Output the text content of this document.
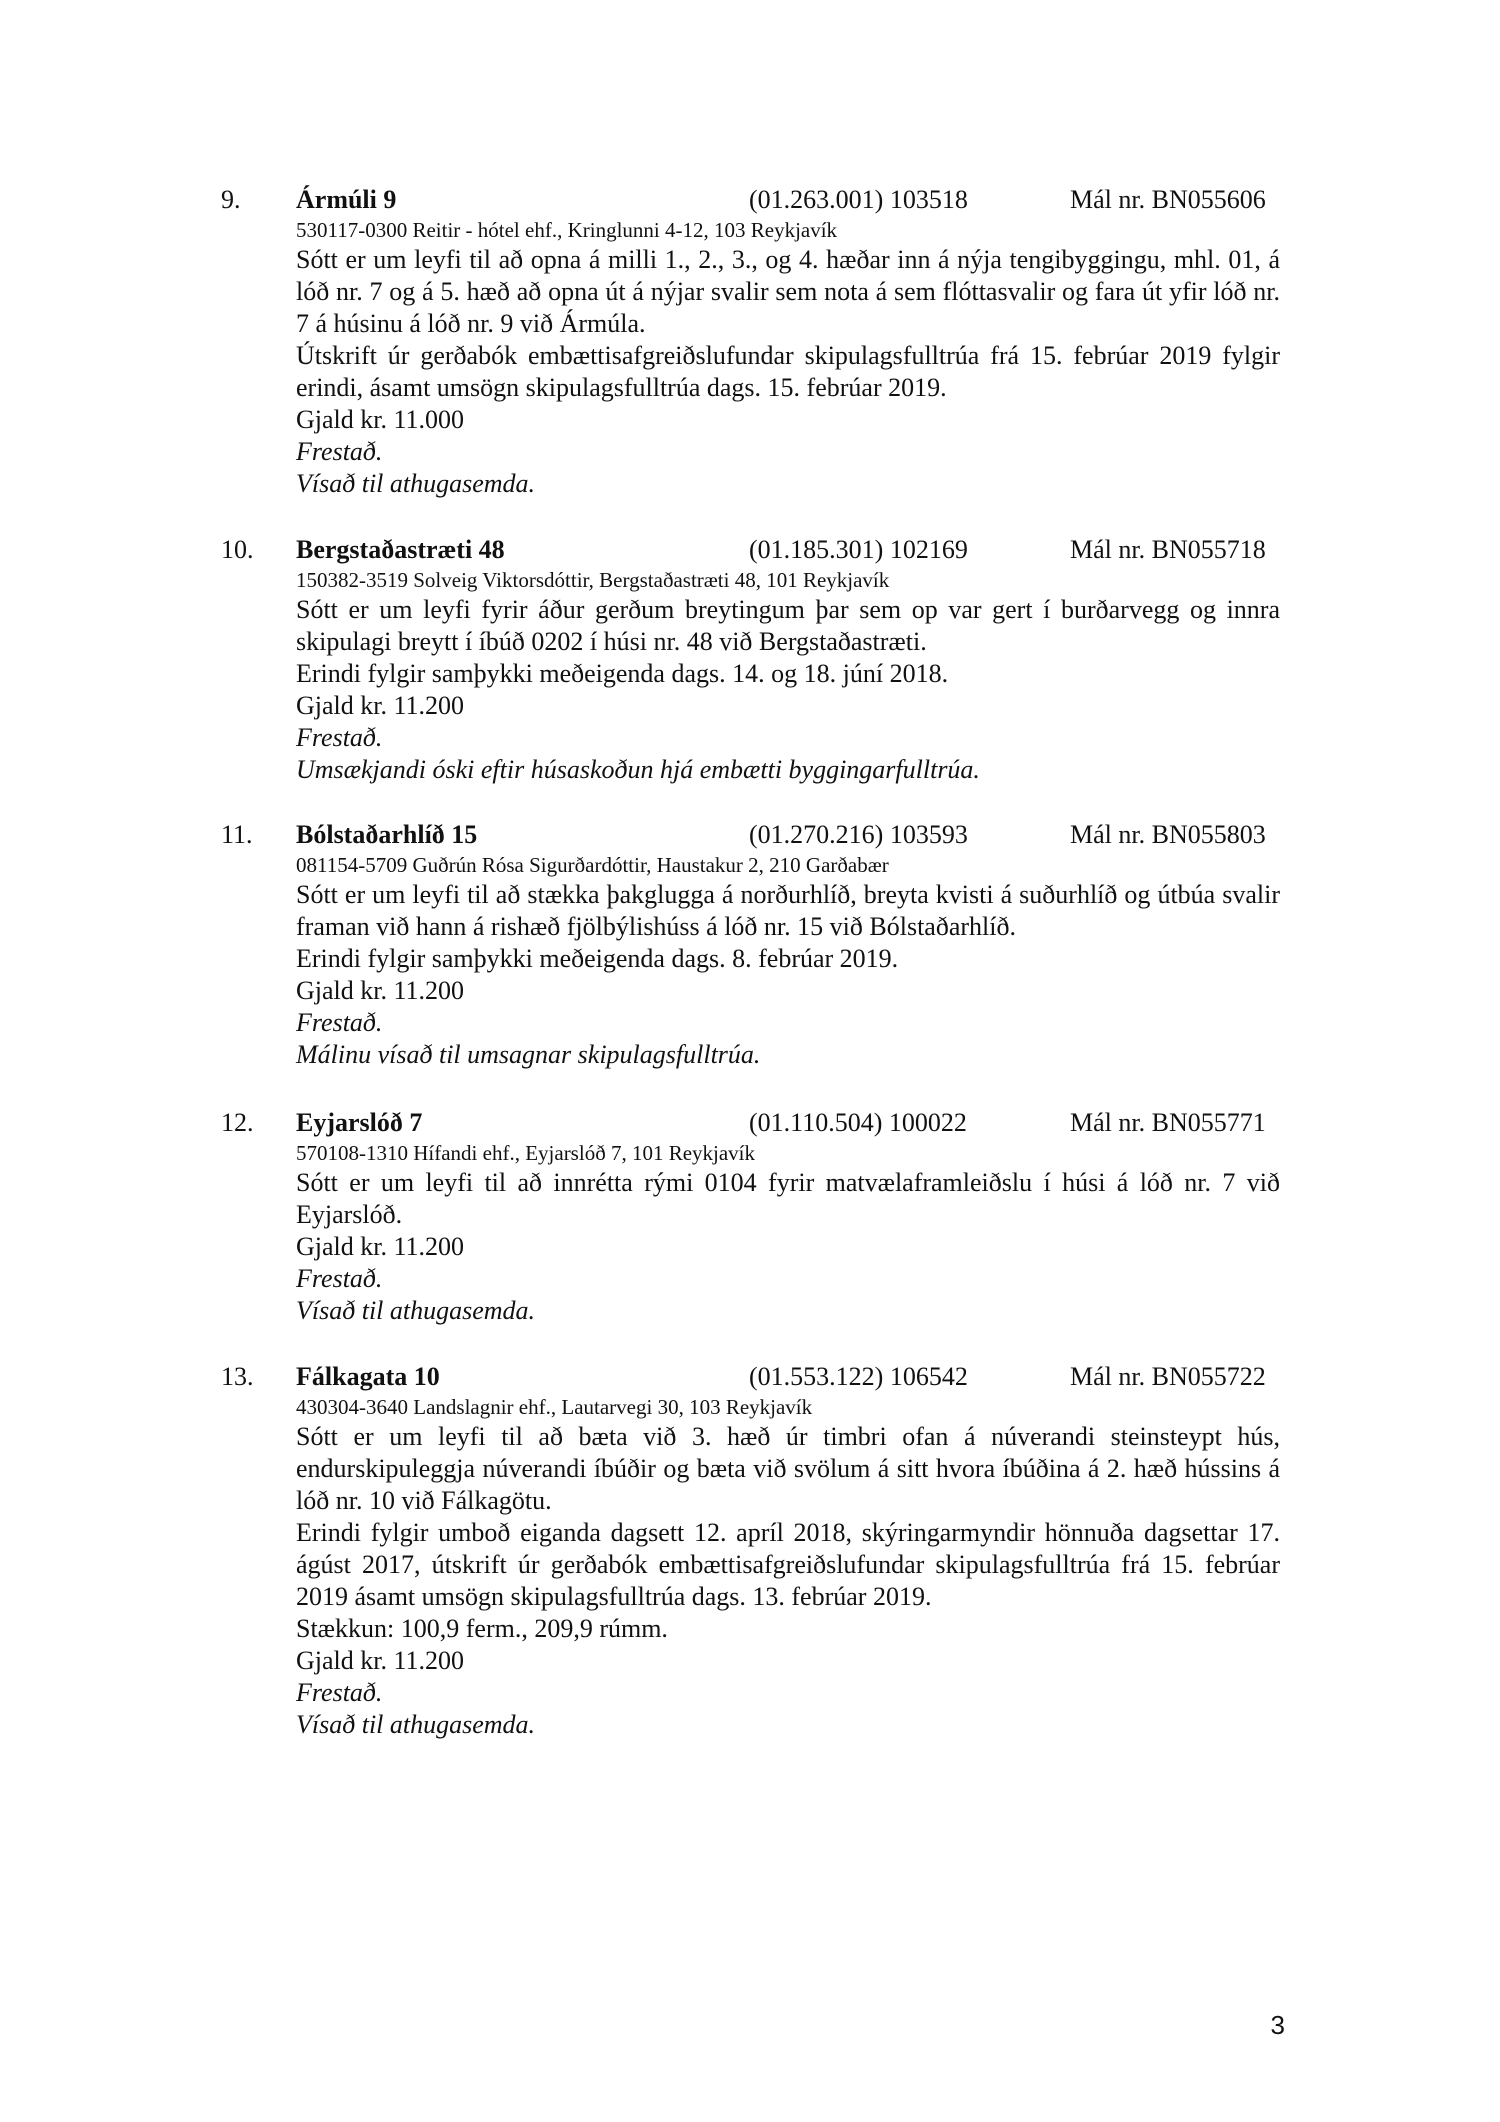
9. Ármúli 9	(01.263.001) 103518	Mál nr. BN055606
530117-0300 Reitir - hótel ehf., Kringlunni 4-12, 103 Reykjavík
Sótt er um leyfi til að opna á milli 1., 2., 3., og 4. hæðar inn á nýja tengibyggingu, mhl. 01, á lóð nr. 7 og á 5. hæð að opna út á nýjar svalir sem nota á sem flóttasvalir og fara út yfir lóð nr. 7 á húsinu á lóð nr. 9 við Ármúla.
Útskrift úr gerðabók embættisafgreiðslufundar skipulagsfulltrúa frá 15. febrúar 2019 fylgir erindi, ásamt umsögn skipulagsfulltrúa dags. 15. febrúar 2019.
Gjald kr. 11.000
Frestað.
Vísað til athugasemda.
10. Bergstaðastræti 48	(01.185.301) 102169	Mál nr. BN055718
150382-3519 Solveig Viktorsdóttir, Bergstaðastræti 48, 101 Reykjavík
Sótt er um leyfi fyrir áður gerðum breytingum þar sem op var gert í burðarvegg og innra skipulagi breytt í íbúð 0202 í húsi nr. 48 við Bergstaðastræti.
Erindi fylgir samþykki meðeigenda dags. 14. og 18. júní 2018.
Gjald kr. 11.200
Frestað.
Umsækjandi óski eftir húsaskoðun hjá embætti byggingarfulltrúa.
11. Bólstaðarhlíð 15	(01.270.216) 103593	Mál nr. BN055803
081154-5709 Guðrún Rósa Sigurðardóttir, Haustakur 2, 210 Garðabær
Sótt er um leyfi til að stækka þakglugga á norðurhlíð, breyta kvisti á suðurhlíð og útbúa svalir framan við hann á rishæð fjölbýlishúss á lóð nr. 15 við Bólstaðarhlíð.
Erindi fylgir samþykki meðeigenda dags. 8. febrúar 2019.
Gjald kr. 11.200
Frestað.
Málinu vísað til umsagnar skipulagsfulltrúa.
12. Eyjarslóð 7	(01.110.504) 100022	Mál nr. BN055771
570108-1310 Hífandi ehf., Eyjarslóð 7, 101 Reykjavík
Sótt er um leyfi til að innrétta rými 0104 fyrir matvælaframleiðslu í húsi á lóð nr. 7 við Eyjarslóð.
Gjald kr. 11.200
Frestað.
Vísað til athugasemda.
13. Fálkagata 10	(01.553.122) 106542	Mál nr. BN055722
430304-3640 Landslagnir ehf., Lautarvegi 30, 103 Reykjavík
Sótt er um leyfi til að bæta við 3. hæð úr timbri ofan á núverandi steinsteypt hús, endurskipuleggja núverandi íbúðir og bæta við svölum á sitt hvora íbúðina á 2. hæð hússins á lóð nr. 10 við Fálkagötu.
Erindi fylgir umboð eiganda dagsett 12. apríl 2018, skýringarmyndir hönnuða dagsettar 17. ágúst 2017, útskrift úr gerðabók embættisafgreiðslufundar skipulagsfulltrúa frá 15. febrúar 2019 ásamt umsögn skipulagsfulltrúa dags. 13. febrúar 2019.
Stækkun: 100,9 ferm., 209,9 rúmm.
Gjald kr. 11.200
Frestað.
Vísað til athugasemda.
3
